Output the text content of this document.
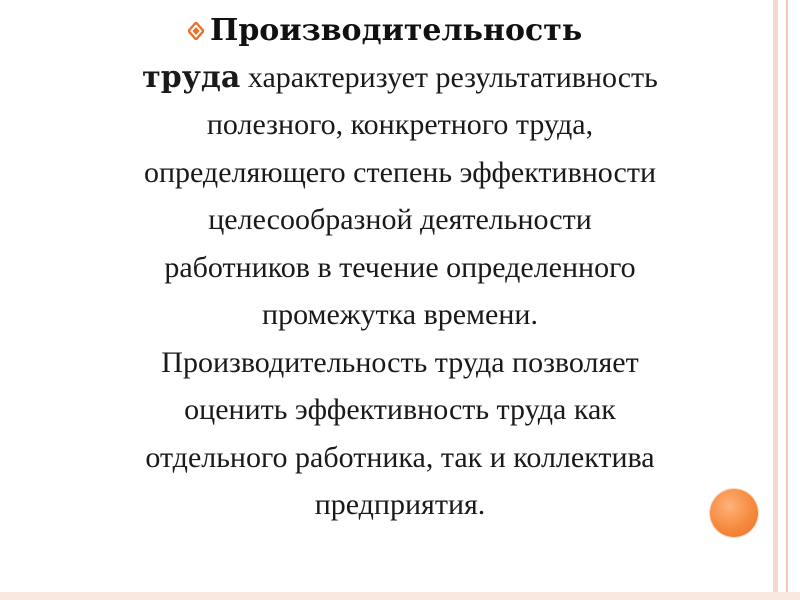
Производительность
труда характеризует результативность
полезного, конкретного труда,
определяющего степень эффективности
целесообразной деятельности
работников в течение определенного
промежутка времени.
Производительность труда позволяет
оценить эффективность труда как
отдельного работника, так и коллектива
предприятия.
